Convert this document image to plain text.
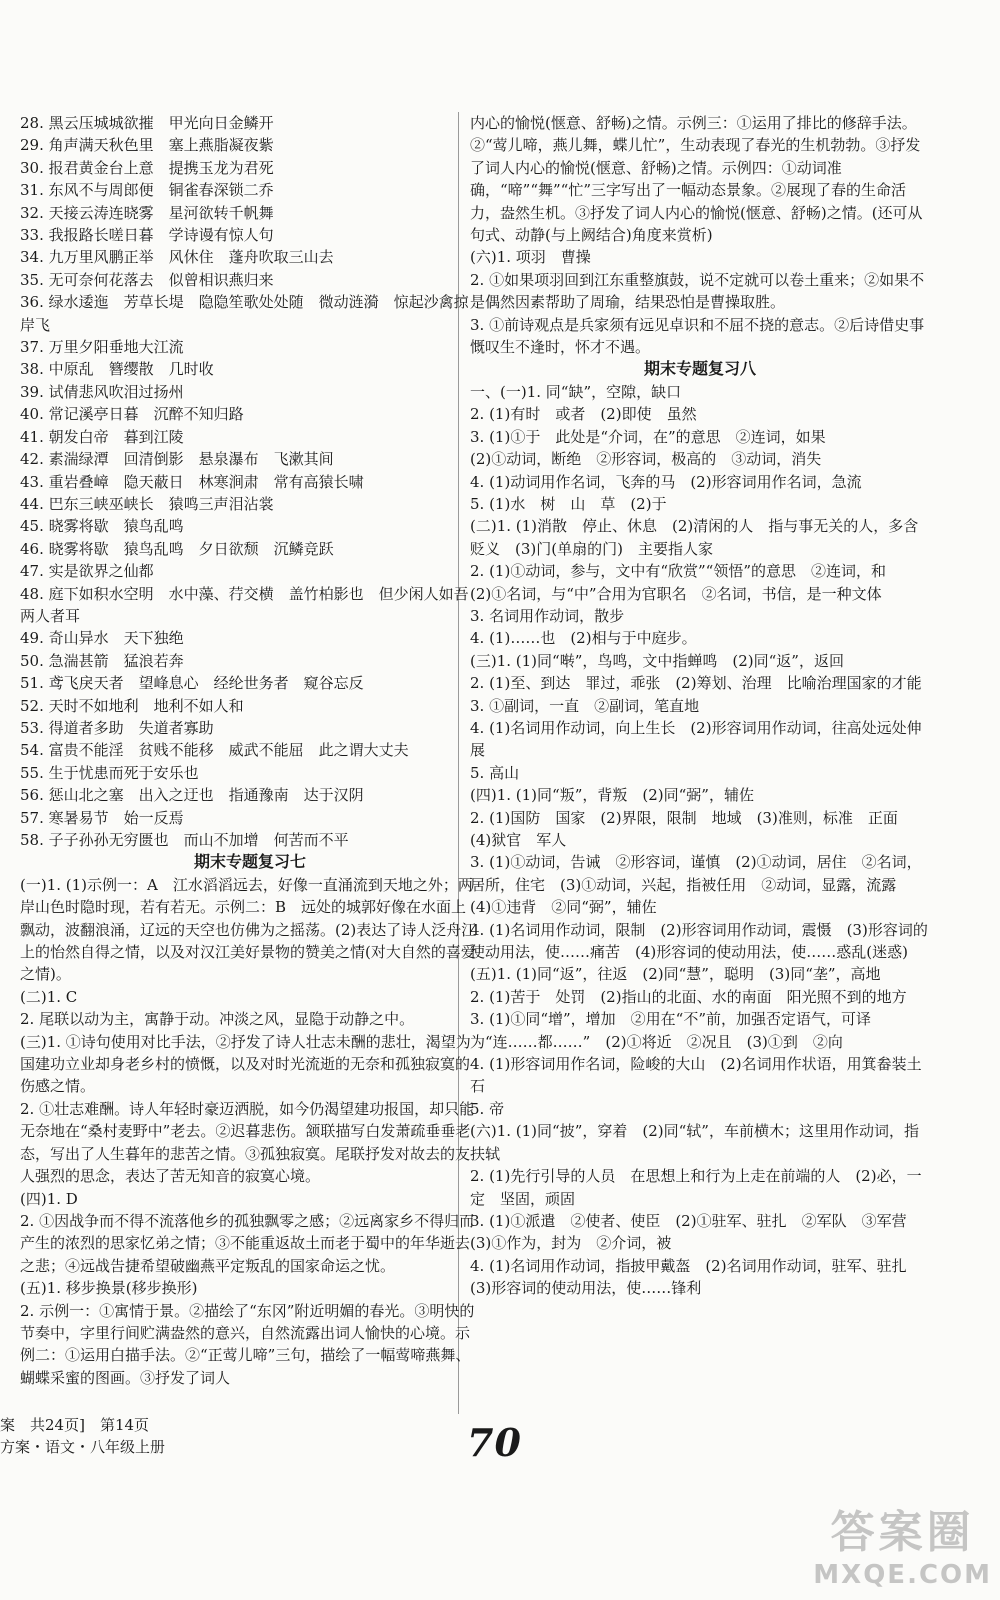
28. 黑云压城城欲摧　甲光向日金鳞开

29. 角声满天秋色里　塞上燕脂凝夜紫

30. 报君黄金台上意　提携玉龙为君死

31. 东风不与周郎便　铜雀春深锁二乔

32. 天接云涛连晓雾　星河欲转千帆舞

33. 我报路长嗟日暮　学诗谩有惊人句

34. 九万里风鹏正举　风休住　蓬舟吹取三山去

35. 无可奈何花落去　似曾相识燕归来

36. 绿水逶迤　芳草长堤　隐隐笙歌处处随　微动涟漪　惊起沙禽掠岸飞

37. 万里夕阳垂地大江流

38. 中原乱　簪缨散　几时收

39. 试倩悲风吹泪过扬州

40. 常记溪亭日暮　沉醉不知归路

41. 朝发白帝　暮到江陵

42. 素湍绿潭　回清倒影　悬泉瀑布　飞漱其间

43. 重岩叠嶂　隐天蔽日　林寒涧肃　常有高猿长啸

44. 巴东三峡巫峡长　猿鸣三声泪沾裳

45. 晓雾将歇　猿鸟乱鸣

46. 晓雾将歇　猿鸟乱鸣　夕日欲颓　沉鳞竞跃

47. 实是欲界之仙都

48. 庭下如积水空明　水中藻、荇交横　盖竹柏影也　但少闲人如吾两人者耳

49. 奇山异水　天下独绝

50. 急湍甚箭　猛浪若奔

51. 鸢飞戾天者　望峰息心　经纶世务者　窥谷忘反

52. 天时不如地利　地利不如人和

53. 得道者多助　失道者寡助

54. 富贵不能淫　贫贱不能移　威武不能屈　此之谓大丈夫

55. 生于忧患而死于安乐也

56. 惩山北之塞　出入之迂也　指通豫南　达于汉阴

57. 寒暑易节　始一反焉

58. 子子孙孙无穷匮也　而山不加增　何苦而不平

期末专题复习七

(一)1. (1)示例一：A　江水滔滔远去，好像一直涌流到天地之外；两岸山色时隐时现，若有若无。示例二：B　远处的城郭好像在水面上飘动，波翻浪涌，辽远的天空也仿佛为之摇荡。(2)表达了诗人泛舟江上的怡然自得之情，以及对汉江美好景物的赞美之情(对大自然的喜爱之情)。

(二)1. C

2. 尾联以动为主，寓静于动。冲淡之风，显隐于动静之中。

(三)1. ①诗句使用对比手法，②抒发了诗人壮志未酬的悲壮，渴望为国建功立业却身老乡村的愤慨，以及对时光流逝的无奈和孤独寂寞的伤感之情。

2. ①壮志难酬。诗人年轻时豪迈洒脱，如今仍渴望建功报国，却只能无奈地在“桑村麦野中”老去。②迟暮悲伤。颔联描写白发萧疏垂垂老态，写出了人生暮年的悲苦之情。③孤独寂寞。尾联抒发对故去的友人强烈的思念，表达了苦无知音的寂寞心境。

(四)1. D

2. ①因战争而不得不流落他乡的孤独飘零之感；②远离家乡不得归而产生的浓烈的思家忆弟之情；③不能重返故土而老于蜀中的年华逝去之悲；④远战告捷希望破幽燕平定叛乱的国家命运之忧。

(五)1. 移步换景(移步换形)

2. 示例一：①寓情于景。②描绘了“东冈”附近明媚的春光。③明快的节奏中，字里行间贮满盎然的意兴，自然流露出词人愉快的心境。示例二：①运用白描手法。②“正莺儿啼”三句，描绘了一幅莺啼燕舞、蝴蝶采蜜的图画。③抒发了词人

内心的愉悦(惬意、舒畅)之情。示例三：①运用了排比的修辞手法。②“莺儿啼，燕儿舞，蝶儿忙”，生动表现了春光的生机勃勃。③抒发了词人内心的愉悦(惬意、舒畅)之情。示例四：①动词准确，“啼”“舞”“忙”三字写出了一幅动态景象。②展现了春的生命活力，盎然生机。③抒发了词人内心的愉悦(惬意、舒畅)之情。(还可从句式、动静(与上阙结合)角度来赏析)

(六)1. 项羽　曹操

2. ①如果项羽回到江东重整旗鼓，说不定就可以卷土重来；②如果不是偶然因素帮助了周瑜，结果恐怕是曹操取胜。

3. ①前诗观点是兵家须有远见卓识和不屈不挠的意志。②后诗借史事慨叹生不逢时，怀才不遇。

期末专题复习八

一、(一)1. 同“缺”，空隙，缺口

2. (1)有时　或者　(2)即使　虽然

3. (1)①于　此处是“介词，在”的意思　②连词，如果

(2)①动词，断绝　②形容词，极高的　③动词，消失

4. (1)动词用作名词，飞奔的马　(2)形容词用作名词，急流

5. (1)水　树　山　草　(2)于

(二)1. (1)消散　停止、休息　(2)清闲的人　指与事无关的人，多含贬义　(3)门(单扇的门)　主要指人家

2. (1)①动词，参与，文中有“欣赏”“领悟”的意思　②连词，和　(2)①名词，与“中”合用为官职名　②名词，书信，是一种文体

3. 名词用作动词，散步

4. (1)……也　(2)相与于中庭步。

(三)1. (1)同“啭”，鸟鸣，文中指蝉鸣　(2)同“返”，返回

2. (1)至、到达　罪过，乖张　(2)筹划、治理　比喻治理国家的才能

3. ①副词，一直　②副词，笔直地

4. (1)名词用作动词，向上生长　(2)形容词用作动词，往高处远处伸展

5. 高山

(四)1. (1)同“叛”，背叛　(2)同“弼”，辅佐

2. (1)国防　国家　(2)界限，限制　地域　(3)准则，标准　正面　(4)狱官　军人

3. (1)①动词，告诫　②形容词，谨慎　(2)①动词，居住　②名词，居所，住宅　(3)①动词，兴起，指被任用　②动词，显露，流露　(4)①违背　②同“弼”，辅佐

4. (1)名词用作动词，限制　(2)形容词用作动词，震慑　(3)形容词的使动用法，使……痛苦　(4)形容词的使动用法，使……惑乱(迷惑)

(五)1. (1)同“返”，往返　(2)同“慧”，聪明　(3)同“垄”，高地

2. (1)苦于　处罚　(2)指山的北面、水的南面　阳光照不到的地方

3. (1)①同“增”，增加　②用在“不”前，加强否定语气，可译为“连……都……”　(2)①将近　②况且　(3)①到　②向

4. (1)形容词用作名词，险峻的大山　(2)名词用作状语，用箕畚装土石

5. 帝

(六)1. (1)同“披”，穿着　(2)同“轼”，车前横木；这里用作动词，指扶轼

2. (1)先行引导的人员　在思想上和行为上走在前端的人　(2)必，一定　坚固，顽固

3. (1)①派遣　②使者、使臣　(2)①驻军、驻扎　②军队　③军营　(3)①作为，封为　②介词，被

4. (1)名词用作动词，指披甲戴盔　(2)名词用作动词，驻军、驻扎　(3)形容词的使动用法，使……锋利

案　共24页]　第14页

方案・语文・八年级上册	70
答案圈
MXQE.COM
